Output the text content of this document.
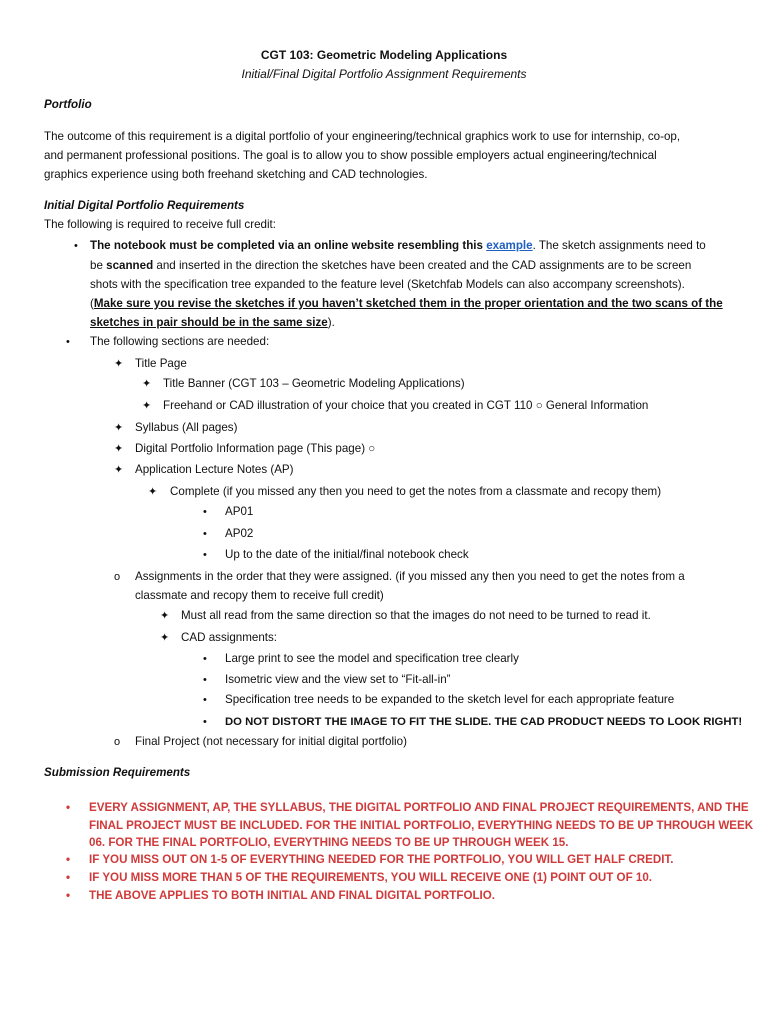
CGT 103: Geometric Modeling Applications
Initial/Final Digital Portfolio Assignment Requirements
Portfolio
The outcome of this requirement is a digital portfolio of your engineering/technical graphics work to use for internship, co-op,
and permanent professional positions. The goal is to allow you to show possible employers actual engineering/technical
graphics experience using both freehand sketching and CAD technologies.
Initial Digital Portfolio Requirements
The following is required to receive full credit:
• The notebook must be completed via an online website resembling this example. The sketch assignments need to
be scanned and inserted in the direction the sketches have been created and the CAD assignments are to be screen
shots with the specification tree expanded to the feature level (Sketchfab Models can also accompany screenshots).
(Make sure you revise the sketches if you haven’t sketched them in the proper orientation and the two scans of the
sketches in pair should be in the same size).
• The following sections are needed:
✦ Title Page
✦ Title Banner (CGT 103 – Geometric Modeling Applications)
✦ Freehand or CAD illustration of your choice that you created in CGT 110 ○ General Information
✦ Syllabus (All pages)
✦ Digital Portfolio Information page (This page) ○
✦ Application Lecture Notes (AP)
✦ Complete (if you missed any then you need to get the notes from a classmate and recopy them)
• AP01
• AP02
• Up to the date of the initial/final notebook check
o Assignments in the order that they were assigned. (if you missed any then you need to get the notes from a
classmate and recopy them to receive full credit)
✦ Must all read from the same direction so that the images do not need to be turned to read it.
✦ CAD assignments:
• Large print to see the model and specification tree clearly
• Isometric view and the view set to “Fit-all-in”
• Specification tree needs to be expanded to the sketch level for each appropriate feature
• DO NOT DISTORT THE IMAGE TO FIT THE SLIDE. THE CAD PRODUCT NEEDS TO LOOK RIGHT!
o Final Project (not necessary for initial digital portfolio)
Submission Requirements
• EVERY ASSIGNMENT, AP, THE SYLLABUS, THE DIGITAL PORTFOLIO AND FINAL PROJECT REQUIREMENTS, AND THE
FINAL PROJECT MUST BE INCLUDED. FOR THE INITIAL PORTFOLIO, EVERYTHING NEEDS TO BE UP THROUGH WEEK
06. FOR THE FINAL PORTFOLIO, EVERYTHING NEEDS TO BE UP THROUGH WEEK 15.
• IF YOU MISS OUT ON 1-5 OF EVERYTHING NEEDED FOR THE PORTFOLIO, YOU WILL GET HALF CREDIT.
• IF YOU MISS MORE THAN 5 OF THE REQUIREMENTS, YOU WILL RECEIVE ONE (1) POINT OUT OF 10.
• THE ABOVE APPLIES TO BOTH INITIAL AND FINAL DIGITAL PORTFOLIO.
